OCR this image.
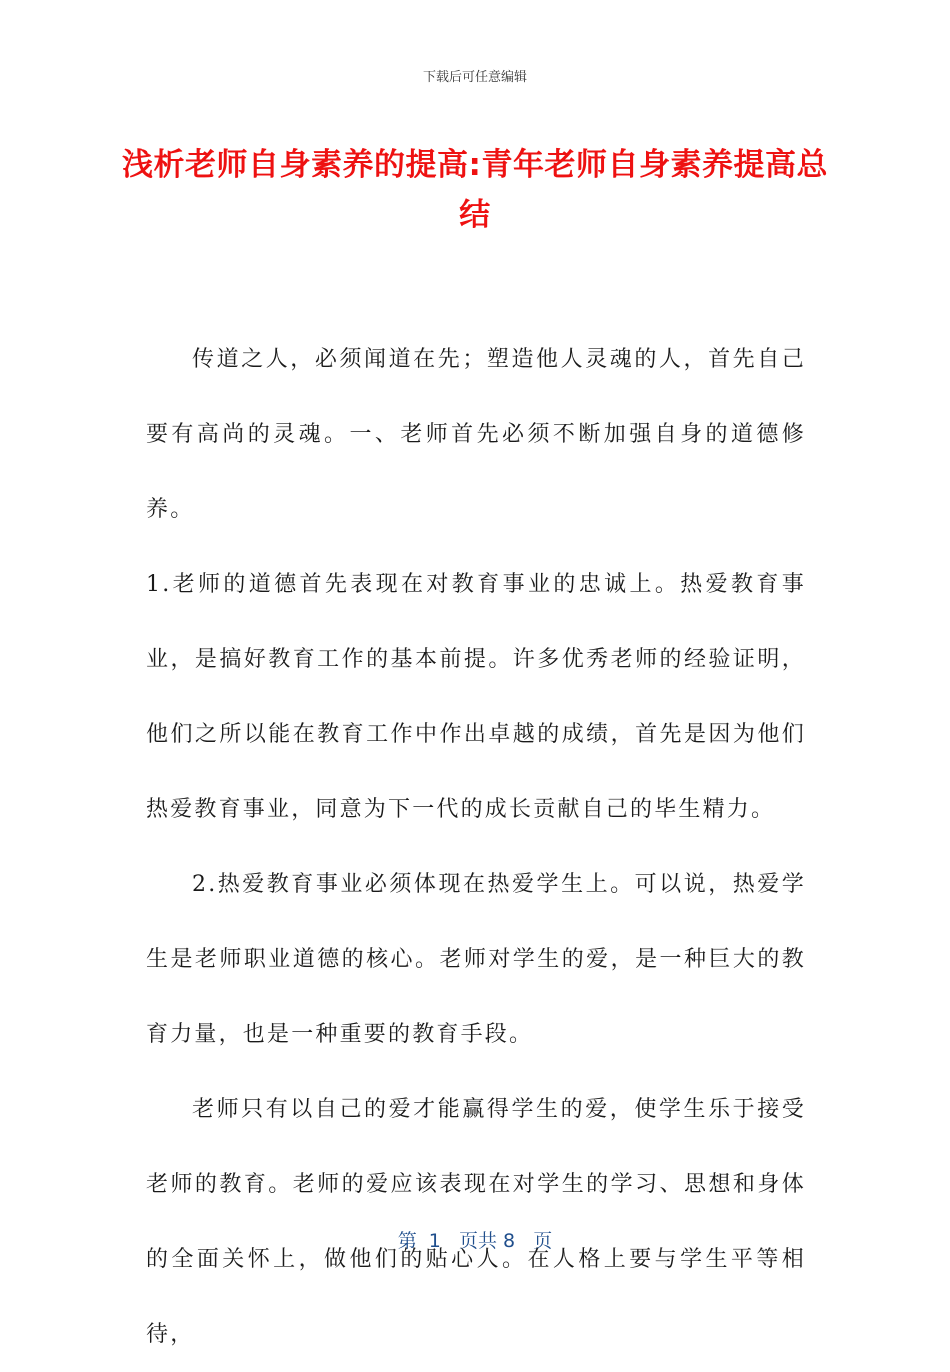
下载后可任意编辑
浅析老师自身素养的提高:青年老师自身素养提高总结

传道之人，必须闻道在先；塑造他人灵魂的人，首先自己要有高尚的灵魂。一、老师首先必须不断加强自身的道德修养。

1.老师的道德首先表现在对教育事业的忠诚上。热爱教育事业，是搞好教育工作的基本前提。许多优秀老师的经验证明，他们之所以能在教育工作中作出卓越的成绩，首先是因为他们热爱教育事业，同意为下一代的成长贡献自己的毕生精力。

2.热爱教育事业必须体现在热爱学生上。可以说，热爱学生是老师职业道德的核心。老师对学生的爱，是一种巨大的教育力量，也是一种重要的教育手段。

老师只有以自己的爱才能赢得学生的爱，使学生乐于接受老师的教育。老师的爱应该表现在对学生的学习、思想和身体的全面关怀上，做他们的贴心人。在人格上要与学生平等相待，

第  1   页共 8   页
